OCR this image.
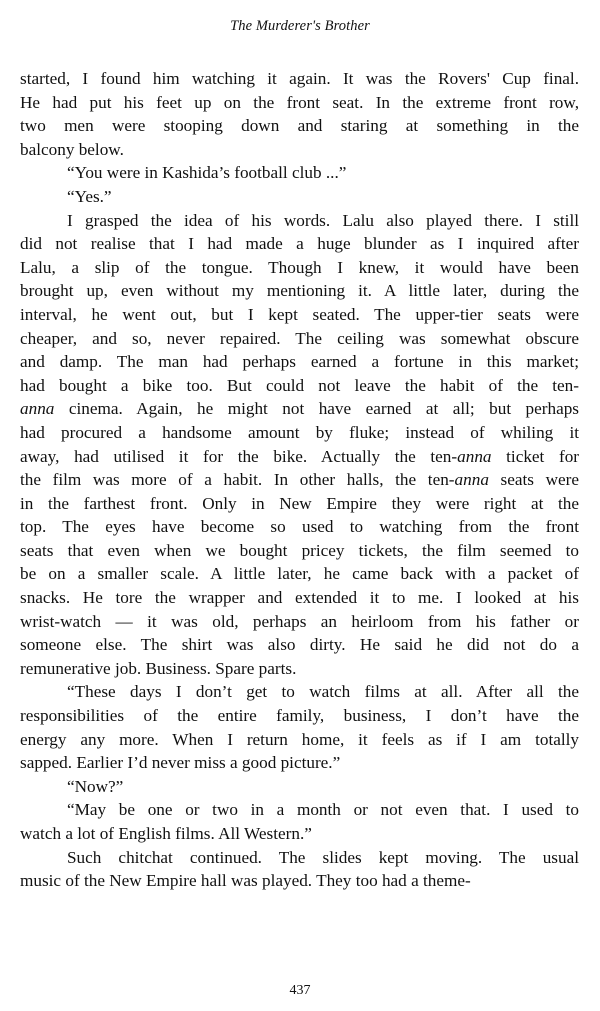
The Murderer's Brother

started, I found him watching it again. It was the Rovers' Cup final.
He had put his feet up on the front seat. In the extreme front row,
two men were stooping down and staring at something in the
balcony below.

“You were in Kashida’s football club ...”

“Yes.”

I grasped the idea of his words. Lalu also played there. I still
did not realise that I had made a huge blunder as I inquired after
Lalu, a slip of the tongue. Though I knew, it would have been
brought up, even without my mentioning it. A little later, during the
interval, he went out, but I kept seated. The upper-tier seats were
cheaper, and so, never repaired. The ceiling was somewhat obscure
and damp. The man had perhaps earned a fortune in this market;
had bought a bike too. But could not leave the habit of the ten-
anna cinema. Again, he might not have earned at all; but perhaps
had procured a handsome amount by fluke; instead of whiling it
away, had utilised it for the bike. Actually the ten-anna ticket for
the film was more of a habit. In other halls, the ten-anna seats were
in the farthest front. Only in New Empire they were right at the
top. The eyes have become so used to watching from the front
seats that even when we bought pricey tickets, the film seemed to
be on a smaller scale. A little later, he came back with a packet of
snacks. He tore the wrapper and extended it to me. I looked at his
wrist-watch — it was old, perhaps an heirloom from his father or
someone else. The shirt was also dirty. He said he did not do a
remunerative job. Business. Spare parts.

“These days I don’t get to watch films at all. After all the
responsibilities of the entire family, business, I don’t have the
energy any more. When I return home, it feels as if I am totally
sapped. Earlier I’d never miss a good picture.”

“Now?”

“May be one or two in a month or not even that. I used to
watch a lot of English films. All Western.”

Such chitchat continued. The slides kept moving. The usual
music of the New Empire hall was played. They too had a theme-

437
